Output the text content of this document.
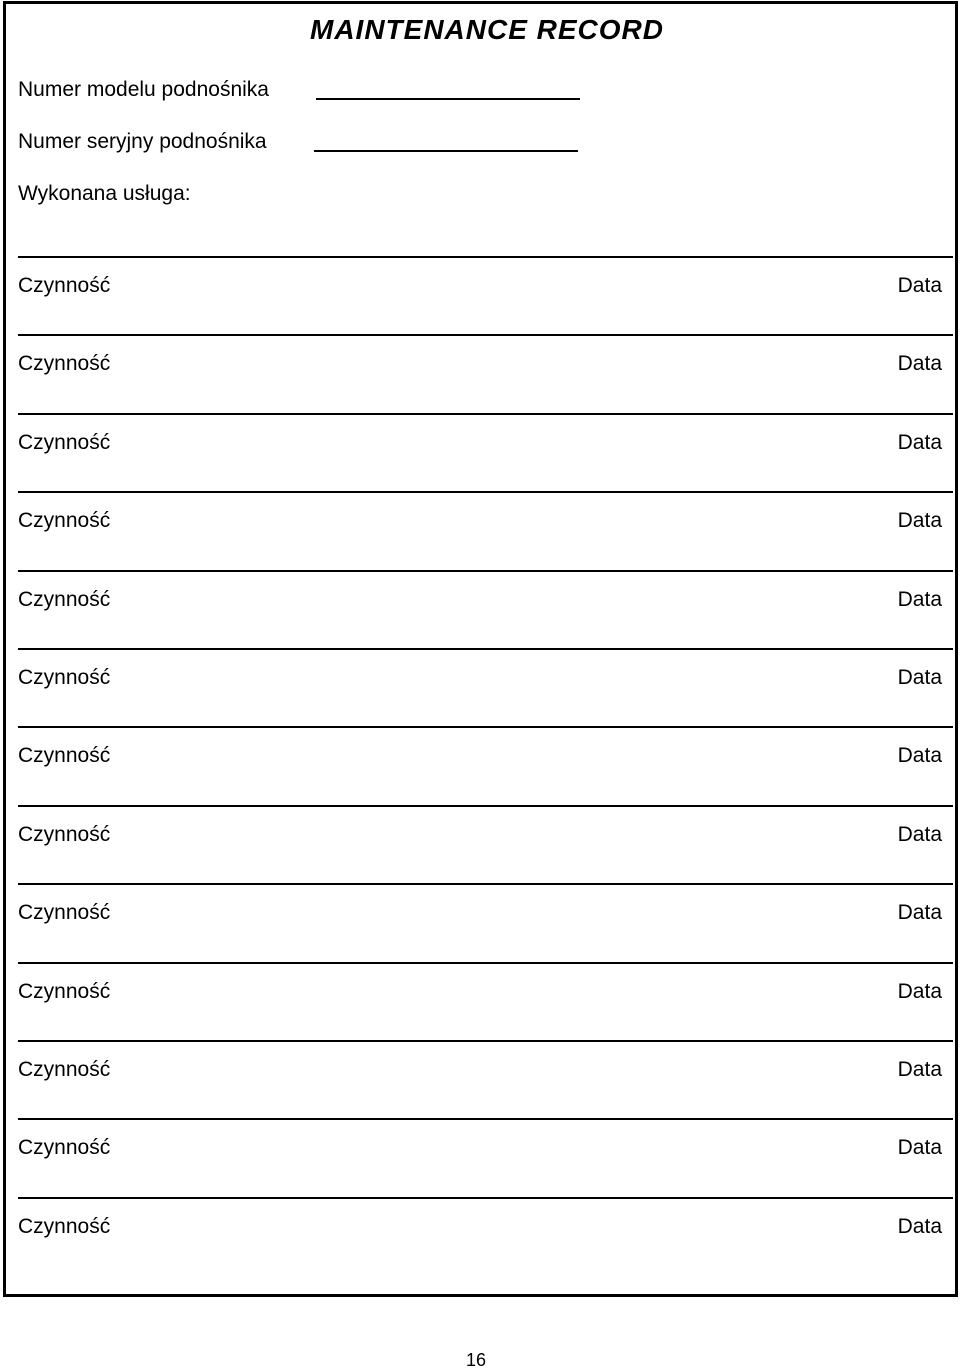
MAINTENANCE RECORD
Numer modelu podnośnika
Numer seryjny podnośnika
Wykonana usługa:
Czynność	Data
Czynność	Data
Czynność	Data
Czynność	Data
Czynność	Data
Czynność	Data
Czynność	Data
Czynność	Data
Czynność	Data
Czynność	Data
Czynność	Data
Czynność	Data
Czynność	Data
16
